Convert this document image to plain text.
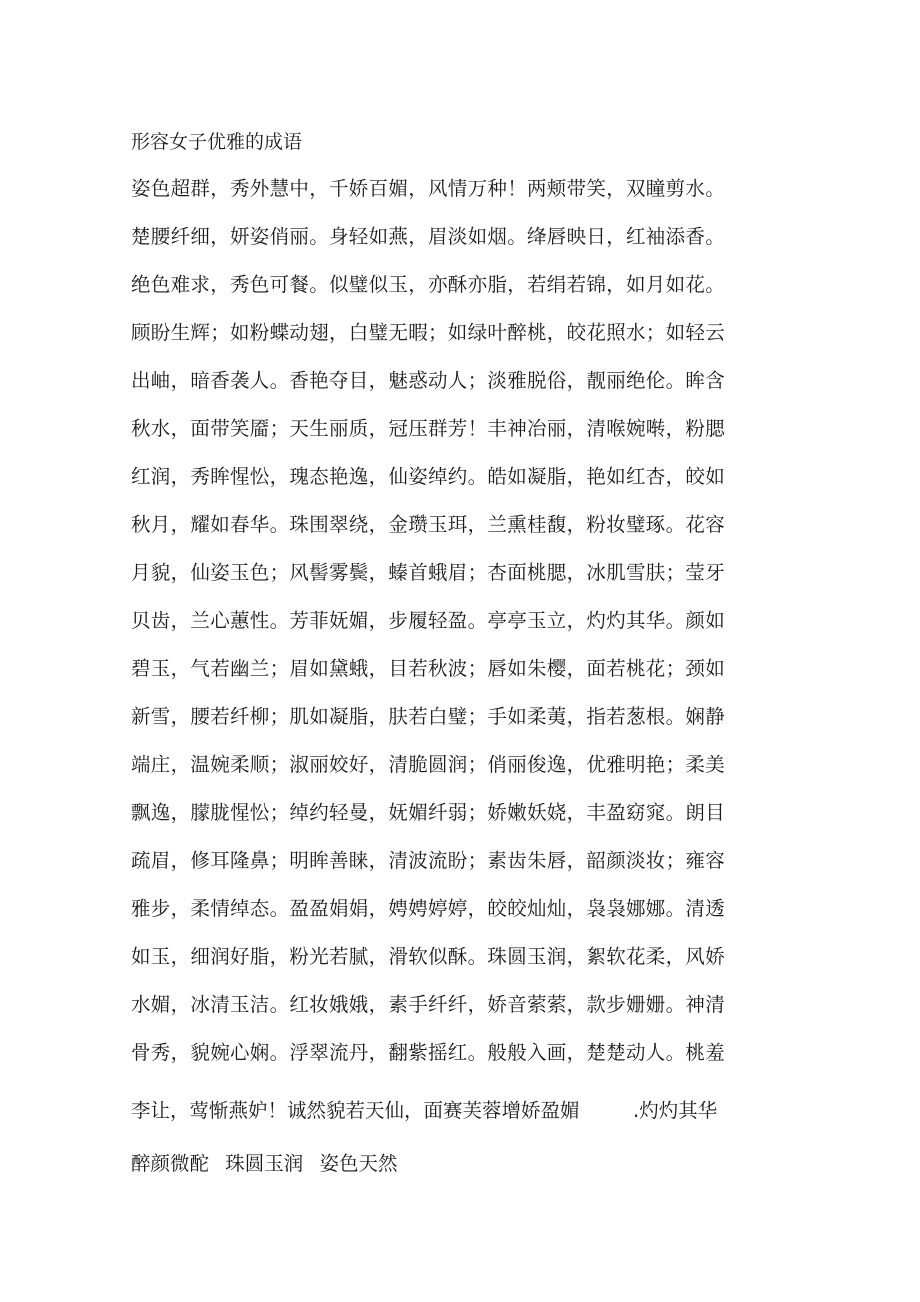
形容女子优雅的成语
姿色超群，秀外慧中，千娇百媚，风情万种！两颊带笑，双瞳剪水。
楚腰纤细，妍姿俏丽。身轻如燕，眉淡如烟。绛唇映日，红袖添香。
绝色难求，秀色可餐。似璧似玉，亦酥亦脂，若绢若锦，如月如花。
顾盼生辉；如粉蝶动翅，白璧无暇；如绿叶醉桃，皎花照水；如轻云
出岫，暗香袭人。香艳夺目，魅惑动人；淡雅脱俗，靓丽绝伦。眸含
秋水，面带笑靥；天生丽质，冠压群芳！丰神冶丽，清喉婉啭，粉腮
红润，秀眸惺忪，瑰态艳逸，仙姿绰约。皓如凝脂，艳如红杏，皎如
秋月，耀如春华。珠围翠绕，金瓒玉珥，兰熏桂馥，粉妆璧琢。花容
月貌，仙姿玉色；风髻雾鬓，螓首蛾眉；杏面桃腮，冰肌雪肤；莹牙
贝齿，兰心蕙性。芳菲妩媚，步履轻盈。亭亭玉立，灼灼其华。颜如
碧玉，气若幽兰；眉如黛蛾，目若秋波；唇如朱樱，面若桃花；颈如
新雪，腰若纤柳；肌如凝脂，肤若白璧；手如柔荑，指若葱根。娴静
端庄，温婉柔顺；淑丽姣好，清脆圆润；俏丽俊逸，优雅明艳；柔美
飘逸，朦胧惺忪；绰约轻曼，妩媚纤弱；娇嫩妖娆，丰盈窈窕。朗目
疏眉，修耳隆鼻；明眸善睐，清波流盼；素齿朱唇，韶颜淡妆；雍容
雅步，柔情绰态。盈盈娟娟，娉娉婷婷，皎皎灿灿，袅袅娜娜。清透
如玉，细润好脂，粉光若腻，滑软似酥。珠圆玉润，絮软花柔，风娇
水媚，冰清玉洁。红妆娥娥，素手纤纤，娇音萦萦，款步姗姗。神清
骨秀，貌婉心娴。浮翠流丹，翻紫摇红。般般入画，楚楚动人。桃羞
李让，莺惭燕妒！诚然貌若天仙，面赛芙蓉增娇盈媚	.灼灼其华
醉颜微酡 珠圆玉润 姿色天然
